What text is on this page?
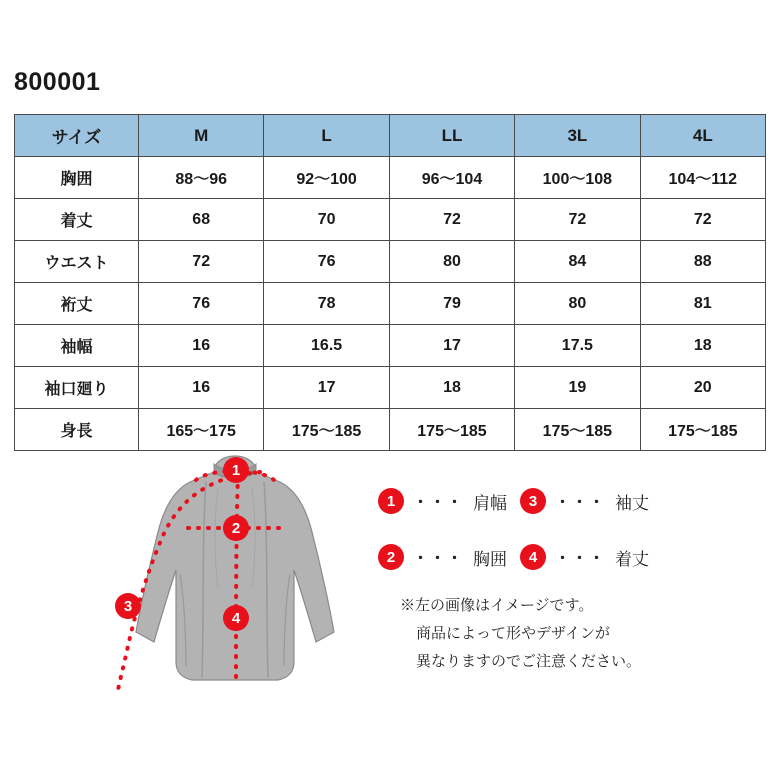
800001
サイズ	M	L	LL	3L	4L
胸囲	88〜96	92〜100	96〜104	100〜108	104〜112
着丈	68	70	72	72	72
ウエスト	72	76	80	84	88
裄丈	76	78	79	80	81
袖幅	16	16.5	17	17.5	18
袖口廻り	16	17	18	19	20
身長	165〜175	175〜185	175〜185	175〜185	175〜185
1
2
3
4
1	・・・ 肩幅	3	・・・ 袖丈
2	・・・ 胸囲	4	・・・ 着丈
※左の画像はイメージです。
商品によって形やデザインが
異なりますのでご注意ください。
